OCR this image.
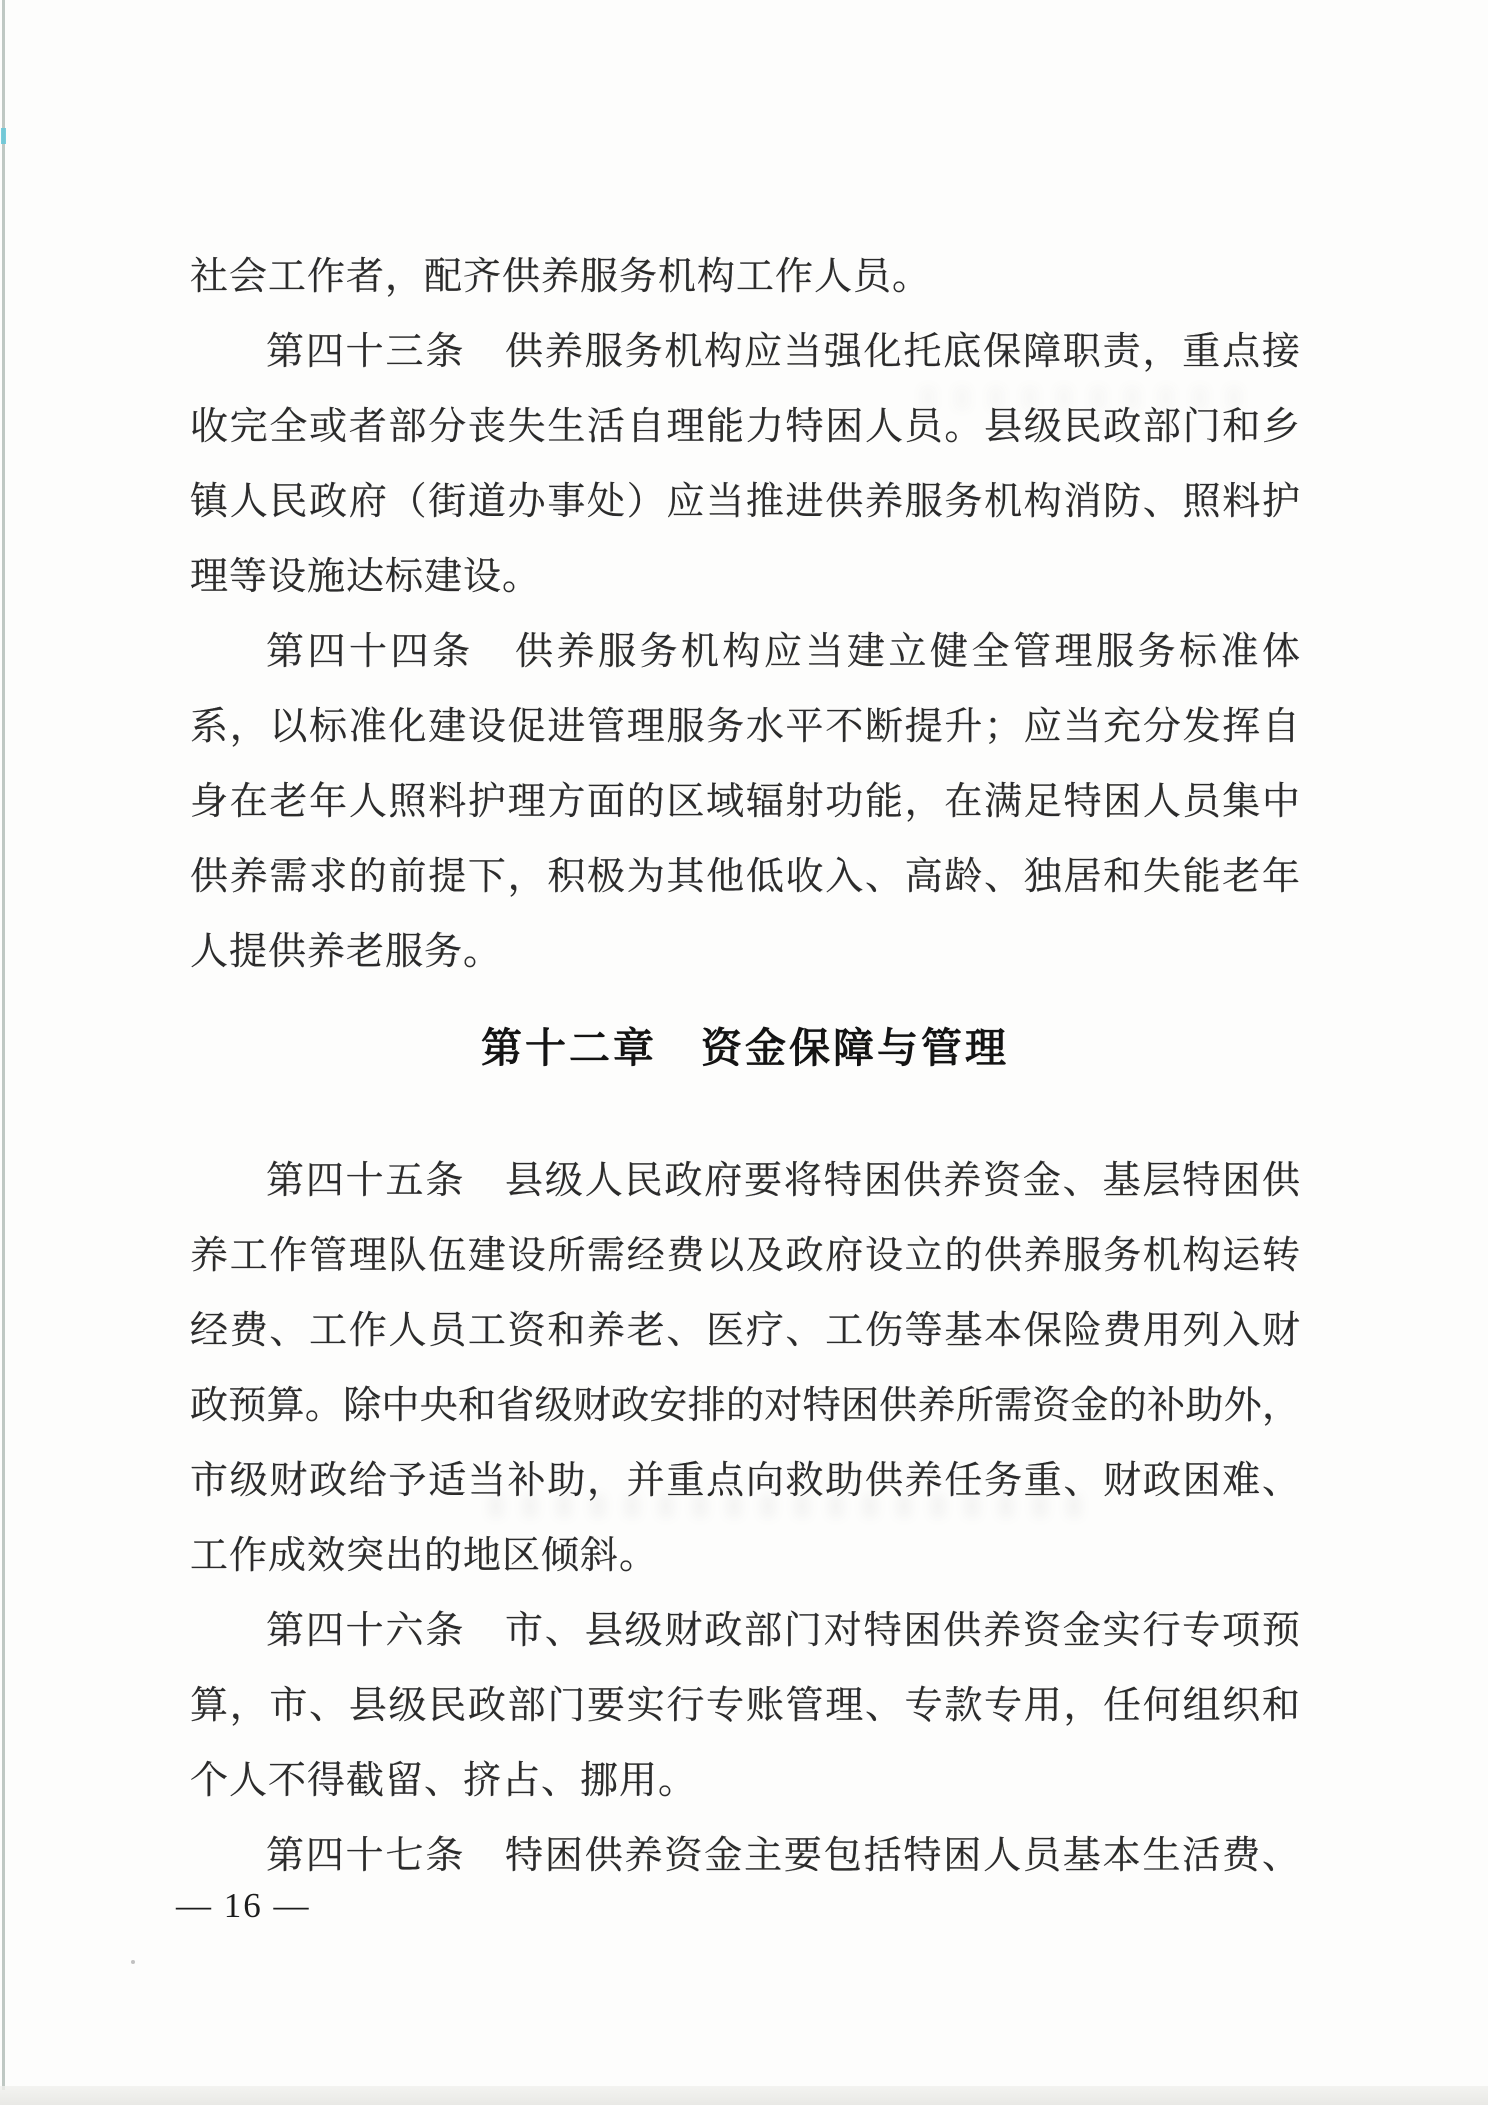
社会工作者，配齐供养服务机构工作人员。
第四十三条　供养服务机构应当强化托底保障职责，重点接
收完全或者部分丧失生活自理能力特困人员。县级民政部门和乡
镇人民政府（街道办事处）应当推进供养服务机构消防、照料护
理等设施达标建设。
第四十四条　供养服务机构应当建立健全管理服务标准体
系，以标准化建设促进管理服务水平不断提升；应当充分发挥自
身在老年人照料护理方面的区域辐射功能，在满足特困人员集中
供养需求的前提下，积极为其他低收入、高龄、独居和失能老年
人提供养老服务。
第十二章　资金保障与管理
第四十五条　县级人民政府要将特困供养资金、基层特困供
养工作管理队伍建设所需经费以及政府设立的供养服务机构运转
经费、工作人员工资和养老、医疗、工伤等基本保险费用列入财
政预算。除中央和省级财政安排的对特困供养所需资金的补助外，
市级财政给予适当补助，并重点向救助供养任务重、财政困难、
工作成效突出的地区倾斜。
第四十六条　市、县级财政部门对特困供养资金实行专项预
算，市、县级民政部门要实行专账管理、专款专用，任何组织和
个人不得截留、挤占、挪用。
第四十七条　特困供养资金主要包括特困人员基本生活费、
— 16 —
